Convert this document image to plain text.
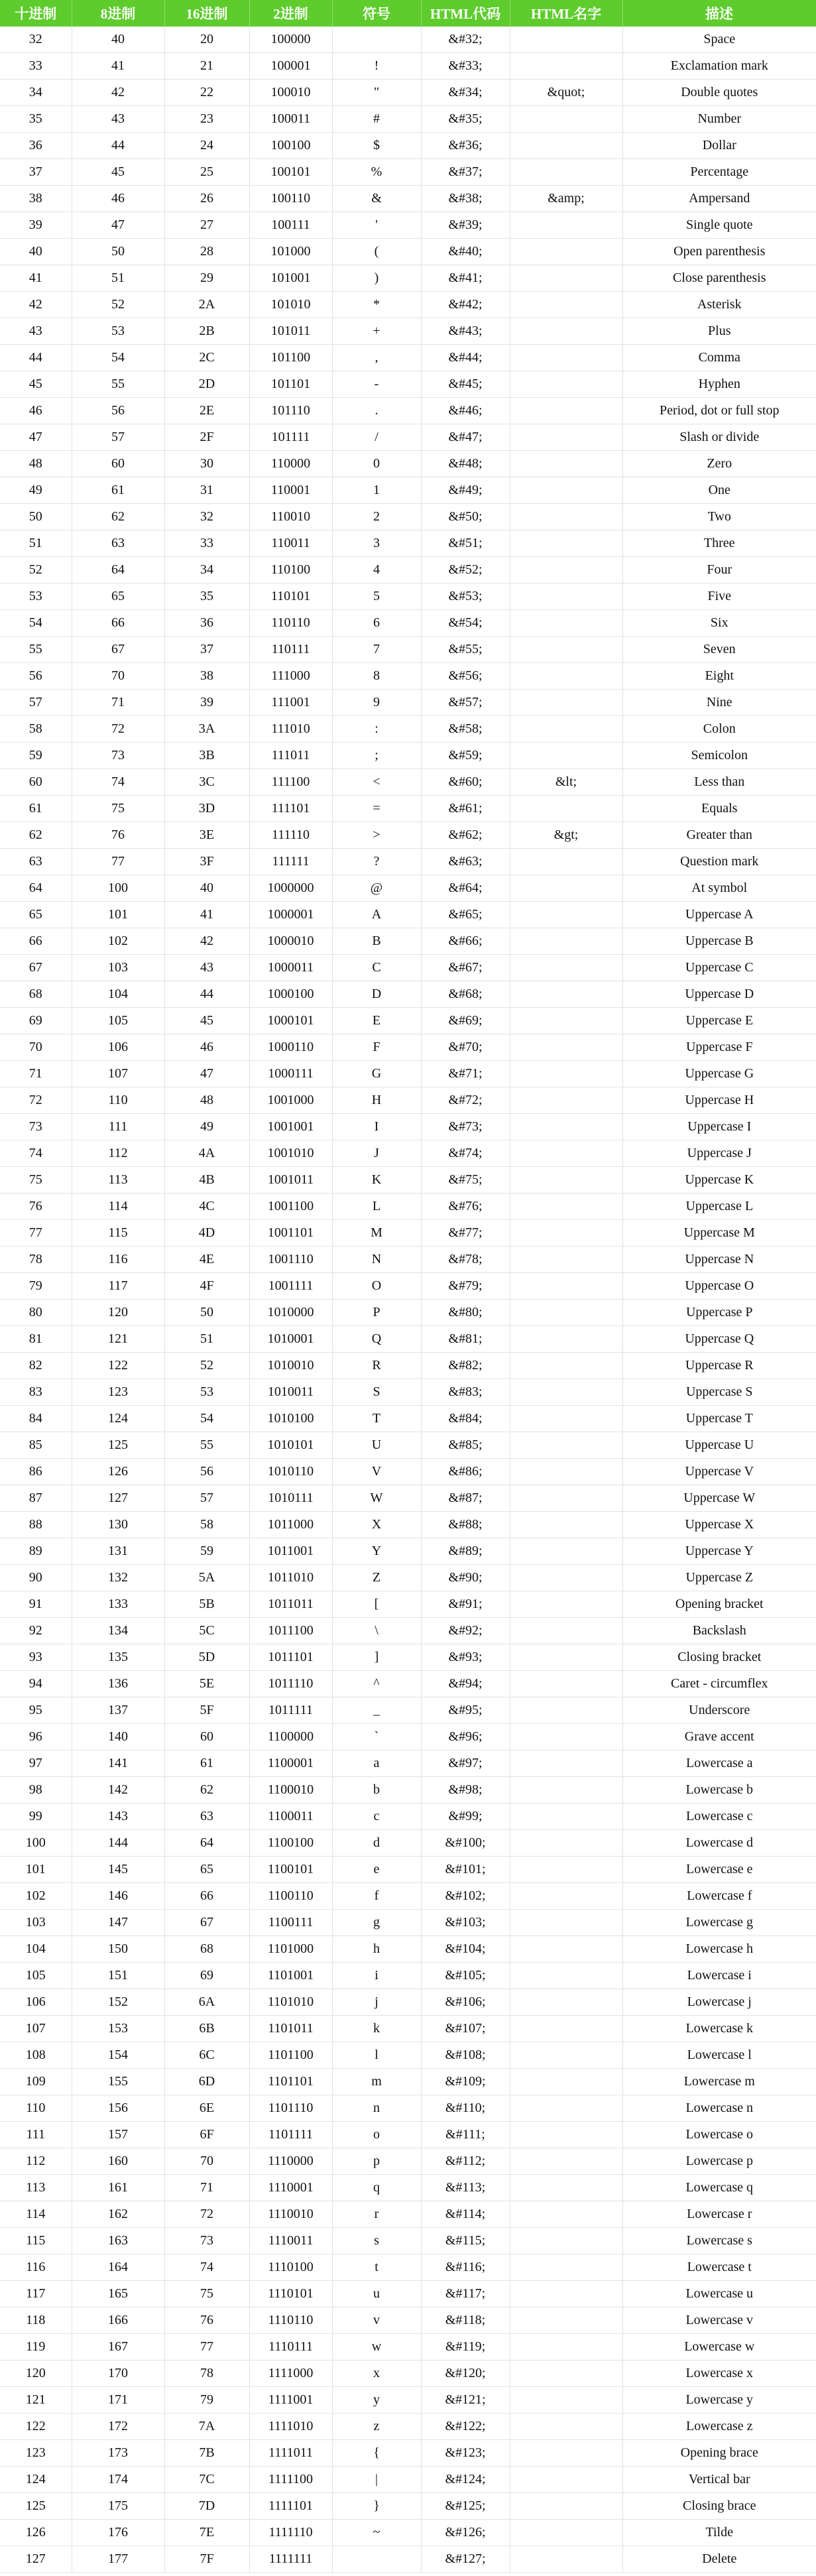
十进制	8进制	16进制	2进制	符号	HTML代码	HTML名字	描述
32	40	20	100000		&#32;		Space
33	41	21	100001	!	&#33;		Exclamation mark
34	42	22	100010	"	&#34;	&quot;	Double quotes
35	43	23	100011	#	&#35;		Number
36	44	24	100100	$	&#36;		Dollar
37	45	25	100101	%	&#37;		Percentage
38	46	26	100110	&	&#38;	&amp;	Ampersand
39	47	27	100111	'	&#39;		Single quote
40	50	28	101000	(	&#40;		Open parenthesis
41	51	29	101001	)	&#41;		Close parenthesis
42	52	2A	101010	*	&#42;		Asterisk
43	53	2B	101011	+	&#43;		Plus
44	54	2C	101100	,	&#44;		Comma
45	55	2D	101101	-	&#45;		Hyphen
46	56	2E	101110	.	&#46;		Period, dot or full stop
47	57	2F	101111	/	&#47;		Slash or divide
48	60	30	110000	0	&#48;		Zero
49	61	31	110001	1	&#49;		One
50	62	32	110010	2	&#50;		Two
51	63	33	110011	3	&#51;		Three
52	64	34	110100	4	&#52;		Four
53	65	35	110101	5	&#53;		Five
54	66	36	110110	6	&#54;		Six
55	67	37	110111	7	&#55;		Seven
56	70	38	111000	8	&#56;		Eight
57	71	39	111001	9	&#57;		Nine
58	72	3A	111010	:	&#58;		Colon
59	73	3B	111011	;	&#59;		Semicolon
60	74	3C	111100	<	&#60;	&lt;	Less than
61	75	3D	111101	=	&#61;		Equals
62	76	3E	111110	>	&#62;	&gt;	Greater than
63	77	3F	111111	?	&#63;		Question mark
64	100	40	1000000	@	&#64;		At symbol
65	101	41	1000001	A	&#65;		Uppercase A
66	102	42	1000010	B	&#66;		Uppercase B
67	103	43	1000011	C	&#67;		Uppercase C
68	104	44	1000100	D	&#68;		Uppercase D
69	105	45	1000101	E	&#69;		Uppercase E
70	106	46	1000110	F	&#70;		Uppercase F
71	107	47	1000111	G	&#71;		Uppercase G
72	110	48	1001000	H	&#72;		Uppercase H
73	111	49	1001001	I	&#73;		Uppercase I
74	112	4A	1001010	J	&#74;		Uppercase J
75	113	4B	1001011	K	&#75;		Uppercase K
76	114	4C	1001100	L	&#76;		Uppercase L
77	115	4D	1001101	M	&#77;		Uppercase M
78	116	4E	1001110	N	&#78;		Uppercase N
79	117	4F	1001111	O	&#79;		Uppercase O
80	120	50	1010000	P	&#80;		Uppercase P
81	121	51	1010001	Q	&#81;		Uppercase Q
82	122	52	1010010	R	&#82;		Uppercase R
83	123	53	1010011	S	&#83;		Uppercase S
84	124	54	1010100	T	&#84;		Uppercase T
85	125	55	1010101	U	&#85;		Uppercase U
86	126	56	1010110	V	&#86;		Uppercase V
87	127	57	1010111	W	&#87;		Uppercase W
88	130	58	1011000	X	&#88;		Uppercase X
89	131	59	1011001	Y	&#89;		Uppercase Y
90	132	5A	1011010	Z	&#90;		Uppercase Z
91	133	5B	1011011	[	&#91;		Opening bracket
92	134	5C	1011100	\	&#92;		Backslash
93	135	5D	1011101	]	&#93;		Closing bracket
94	136	5E	1011110	^	&#94;		Caret - circumflex
95	137	5F	1011111	_	&#95;		Underscore
96	140	60	1100000	`	&#96;		Grave accent
97	141	61	1100001	a	&#97;		Lowercase a
98	142	62	1100010	b	&#98;		Lowercase b
99	143	63	1100011	c	&#99;		Lowercase c
100	144	64	1100100	d	&#100;		Lowercase d
101	145	65	1100101	e	&#101;		Lowercase e
102	146	66	1100110	f	&#102;		Lowercase f
103	147	67	1100111	g	&#103;		Lowercase g
104	150	68	1101000	h	&#104;		Lowercase h
105	151	69	1101001	i	&#105;		Lowercase i
106	152	6A	1101010	j	&#106;		Lowercase j
107	153	6B	1101011	k	&#107;		Lowercase k
108	154	6C	1101100	l	&#108;		Lowercase l
109	155	6D	1101101	m	&#109;		Lowercase m
110	156	6E	1101110	n	&#110;		Lowercase n
111	157	6F	1101111	o	&#111;		Lowercase o
112	160	70	1110000	p	&#112;		Lowercase p
113	161	71	1110001	q	&#113;		Lowercase q
114	162	72	1110010	r	&#114;		Lowercase r
115	163	73	1110011	s	&#115;		Lowercase s
116	164	74	1110100	t	&#116;		Lowercase t
117	165	75	1110101	u	&#117;		Lowercase u
118	166	76	1110110	v	&#118;		Lowercase v
119	167	77	1110111	w	&#119;		Lowercase w
120	170	78	1111000	x	&#120;		Lowercase x
121	171	79	1111001	y	&#121;		Lowercase y
122	172	7A	1111010	z	&#122;		Lowercase z
123	173	7B	1111011	{	&#123;		Opening brace
124	174	7C	1111100	|	&#124;		Vertical bar
125	175	7D	1111101	}	&#125;		Closing brace
126	176	7E	1111110	~	&#126;		Tilde
127	177	7F	1111111		&#127;		Delete
